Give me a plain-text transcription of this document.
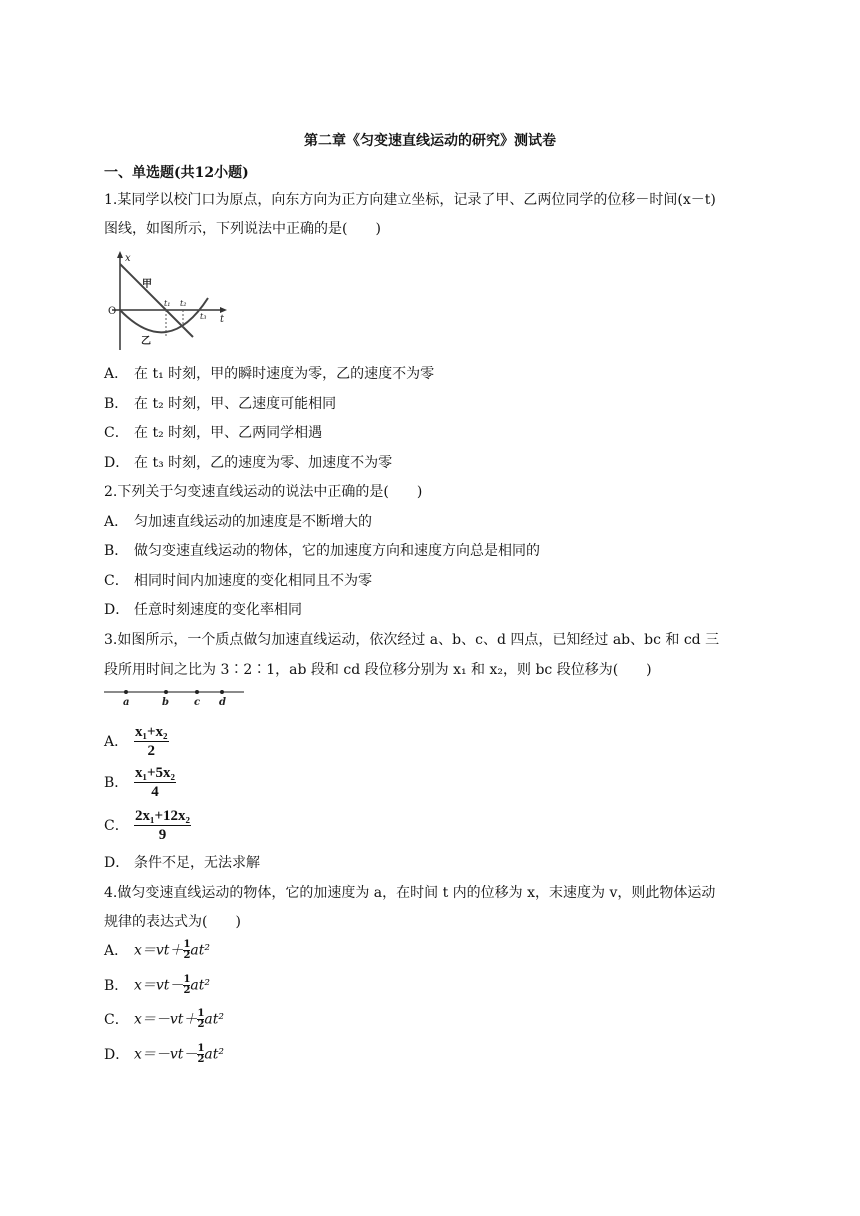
第二章《匀变速直线运动的研究》测试卷
一、单选题(共12小题)
1.某同学以校门口为原点，向东方向为正方向建立坐标，记录了甲、乙两位同学的位移－时间(x－t)
图线，如图所示，下列说法中正确的是(　　)
x
t
O
甲
乙
t₁ t₂
t₃
A． 在 t₁ 时刻，甲的瞬时速度为零，乙的速度不为零
B． 在 t₂ 时刻，甲、乙速度可能相同
C． 在 t₂ 时刻，甲、乙两同学相遇
D． 在 t₃ 时刻，乙的速度为零、加速度不为零
2.下列关于匀变速直线运动的说法中正确的是(　　)
A． 匀加速直线运动的加速度是不断增大的
B． 做匀变速直线运动的物体，它的加速度方向和速度方向总是相同的
C． 相同时间内加速度的变化相同且不为零
D． 任意时刻速度的变化率相同
3.如图所示，一个质点做匀加速直线运动，依次经过 a、b、c、d 四点，已知经过 ab、bc 和 cd 三
段所用时间之比为 3∶2∶1，ab 段和 cd 段位移分别为 x₁ 和 x₂，则 bc 段位移为(　　)
a	b	c d
A． $\frac{\text{x₁+x₂}}{2}$
B． $\frac{\text{x₁+5x₂}}{4}$
C． $\frac{\text{2x₁+12x₂}}{9}$
D． 条件不足，无法求解
4.做匀变速直线运动的物体，它的加速度为 a，在时间 t 内的位移为 x，末速度为 v，则此物体运动
规律的表达式为(　　)
A． $x=vt+ \frac{1}{2} at^2$
B． $x=vt- \frac{1}{2} at^2$
C． $x=-vt+ \frac{1}{2} at^2$
D． $x=-vt- \frac{1}{2} at^2$
